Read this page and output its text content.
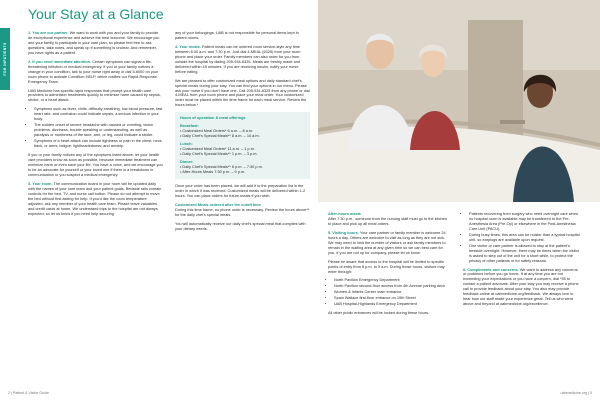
FOR INPATIENTS
Your Stay at a Glance

1. You are our partner. We want to work with you and your family to provide an exceptional experience and achieve the best outcome. We encourage you and your family to participate in your care plan, so please feel free to ask questions, take notes, and speak up if something is unclear. And remember, you have rights as a patient.

2. If you need immediate attention. Certain symptoms can signal a life-threatening infection or medical emergency. If you or your family notices a change in your condition, talk to your nurse right away or dial 5-6000 on your room phone to activate Condition-HELP, which notifies our Rapid-Response Emergency Team.

UAB Medicine has specific rapid responses that prompt your health care providers to administer treatments quickly to minimize harm caused by sepsis, stroke, or a heart attack.

• Symptoms such as fever, chills, difficulty breathing, low blood pressure, fast heart rate, and confusion could indicate sepsis, a serious infection in your body.
• The sudden onset of severe headache with nausea or vomiting, vision problems, dizziness, trouble speaking or understanding, as well as paralysis or numbness of the face, arm, or leg, could indicate a stroke.
• Symptoms of a heart attack can include tightness or pain in the chest, neck, back, or arms; fatigue; lightheadedness; and anxiety.

If you or your family notices any of the symptoms listed above, let your health care providers know as soon as possible, because immediate treatment can minimize harm or even save your life. You have a voice, and we encourage you to be an advocate for yourself or your loved one if there is a breakdown in communication or you suspect a medical emergency.

3. Your room. The communication board in your room will be updated daily with the names of your care team and your patient goals. Bedside rails contain controls for the bed, TV, and nurse call button. Please do not attempt to move the bed without first asking for help. If you'd like the room temperature adjusted, ask any member of your health care team. Please leave valuables and credit cards at home. We understand trips to the hospital are not always expected, so let us know if you need help securing

any of your belongings. UAB is not responsible for personal items kept in patient rooms.

4. Your meals. Patient meals can be ordered room service-style any time between 6:30 a.m. and 7:30 p.m. Just dial 4-MEAL (6325) from your room phone and place your order. Family members can also order for you from outside the hospital by dialing 205-934-6325. Meals are freshly made and delivered within 45 minutes. If you are receiving insulin, notify your nurse before eating.

We are pleased to offer customized meal options and daily standard chef's special meals during your stay. You can find your options in our menu. Please ask your nurse if you don't have one. Call 205-934-6325 from any phone or dial 4-MEAL from your room phone and place your meal order. Your customized order must be placed within the time frame for each meal service. Review the hours below.*

Hours of operation & meal offerings
Breakfast:
• Customized Meal Orders* 6 a.m. – 8 a.m.
• Daily Chef's Special Meals** 8 a.m. – 10 a.m.
Lunch:
• Customized Meal Orders* 11 a.m. – 1 p.m.
• Daily Chef's Special Meals** 1 p.m. – 3 p.m.
Dinner:
• Daily Chef's Special Meals** 6 p.m. – 7:30 p.m.
• After-Hours Meals 7:30 p.m. – 9 p.m.

Once your order has been placed, we will add it to the preparation list in the order in which it was received. Customized meals will be delivered within 1-2 hours. You can place orders for future meals if you wish.

Customized Meals ordered after the cutoff time

During this time frame, no phone order is necessary. Review the hours above** for the daily chef's special meals.

You will automatically receive our daily chef's special meal that complies with your dietary needs.

After-hours meals

After 7:30 p.m., someone from the nursing staff must go to the kitchen to place and pick up all meal orders.

5. Visiting hours. Your care partner or family member is welcome 24 hours a day. Others are welcome to visit as long as they are not sick. We may need to limit the number of visitors or ask family members to remain in the waiting area at any given time so we can best care for you. If you are not up for company, please let us know.

Please be aware that access to the hospital will be limited to specific points of entry from 8 p.m. to 5 a.m. During those hours, visitors may enter through:

• North Pavilion Emergency Department
• North Pavilion second-floor access from 4th Avenue parking deck
• Women & Infants Center main entrance
• Spain Wallace first-floor entrance on 19th Street
• UAB Hospital-Highlands Emergency Department

All other public entrances will be locked during these hours.

• Patients recovering from surgery who need overnight care when no hospital room is available may be transferred to the Pre-Anesthesia Area (Pre-Op) or elsewhere in the Post-Anesthesia Care Unit (PACU).
• During busy times, this area can be noisier than a typical hospital unit, so earplugs are available upon request.
• One visitor or care partner is allowed to stay at the patient's bedside overnight. However, there may be times when the visitor is asked to step out of the unit for a short while, to protect the privacy of other patients or for safety reasons.

6. Compliments and concerns. We want to address any concerns or problems before you go home. If at any time you are not exceeding your expectations or you have a concern, dial *55 to contact a patient advocate. After your stay you may receive a phone call to provide feedback about your stay. You also may provide feedback online at uabmedicine.org/feedback. We always love to hear how our staff made your experience great. Tell us who went above and beyond at uabmedicine.org/excellence.

2 | Patient & Visitor Guide	uabmedicine.org | 3
